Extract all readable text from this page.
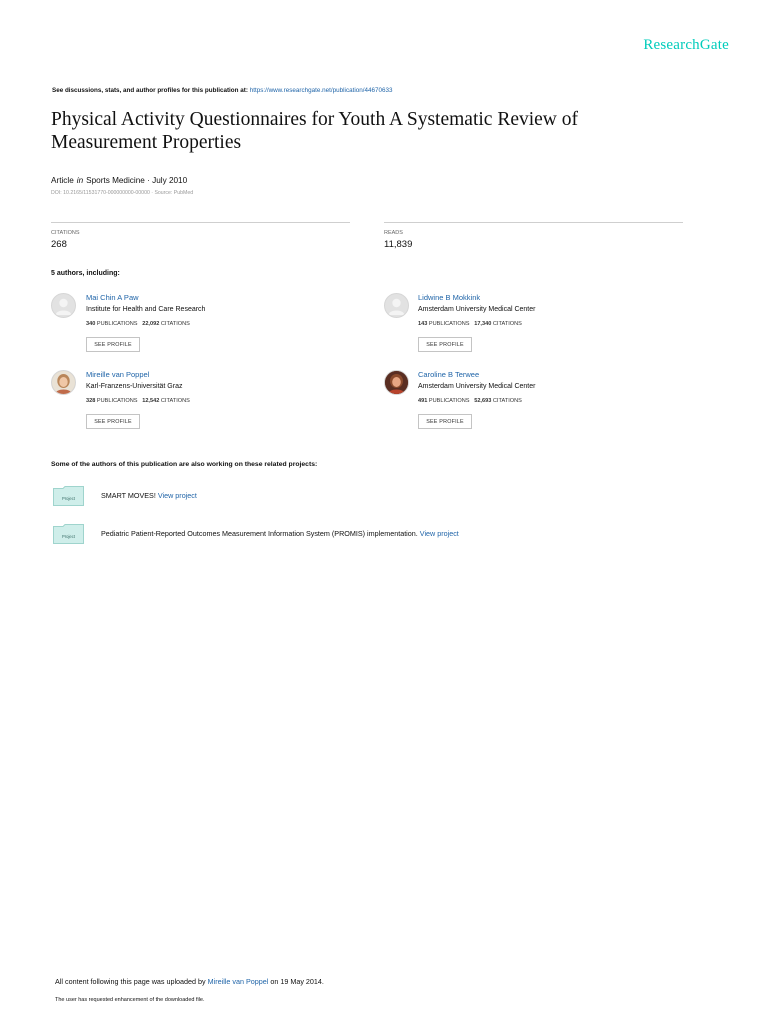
ResearchGate
See discussions, stats, and author profiles for this publication at: https://www.researchgate.net/publication/44670633
Physical Activity Questionnaires for Youth A Systematic Review of Measurement Properties
Article in Sports Medicine · July 2010
DOI: 10.2165/11531770-000000000-00000 · Source: PubMed
CITATIONS
268
READS
11,839
5 authors, including:
Mai Chin A Paw
Institute for Health and Care Research
340 PUBLICATIONS 22,092 CITATIONS
SEE PROFILE
Lidwine B Mokkink
Amsterdam University Medical Center
143 PUBLICATIONS 17,340 CITATIONS
SEE PROFILE
Mireille van Poppel
Karl-Franzens-Universität Graz
328 PUBLICATIONS 12,542 CITATIONS
SEE PROFILE
Caroline B Terwee
Amsterdam University Medical Center
491 PUBLICATIONS 52,693 CITATIONS
SEE PROFILE
Some of the authors of this publication are also working on these related projects:
Project	SMART MOVES! View project
Project	Pediatric Patient-Reported Outcomes Measurement Information System (PROMIS) implementation. View project
All content following this page was uploaded by Mireille van Poppel on 19 May 2014.
The user has requested enhancement of the downloaded file.
